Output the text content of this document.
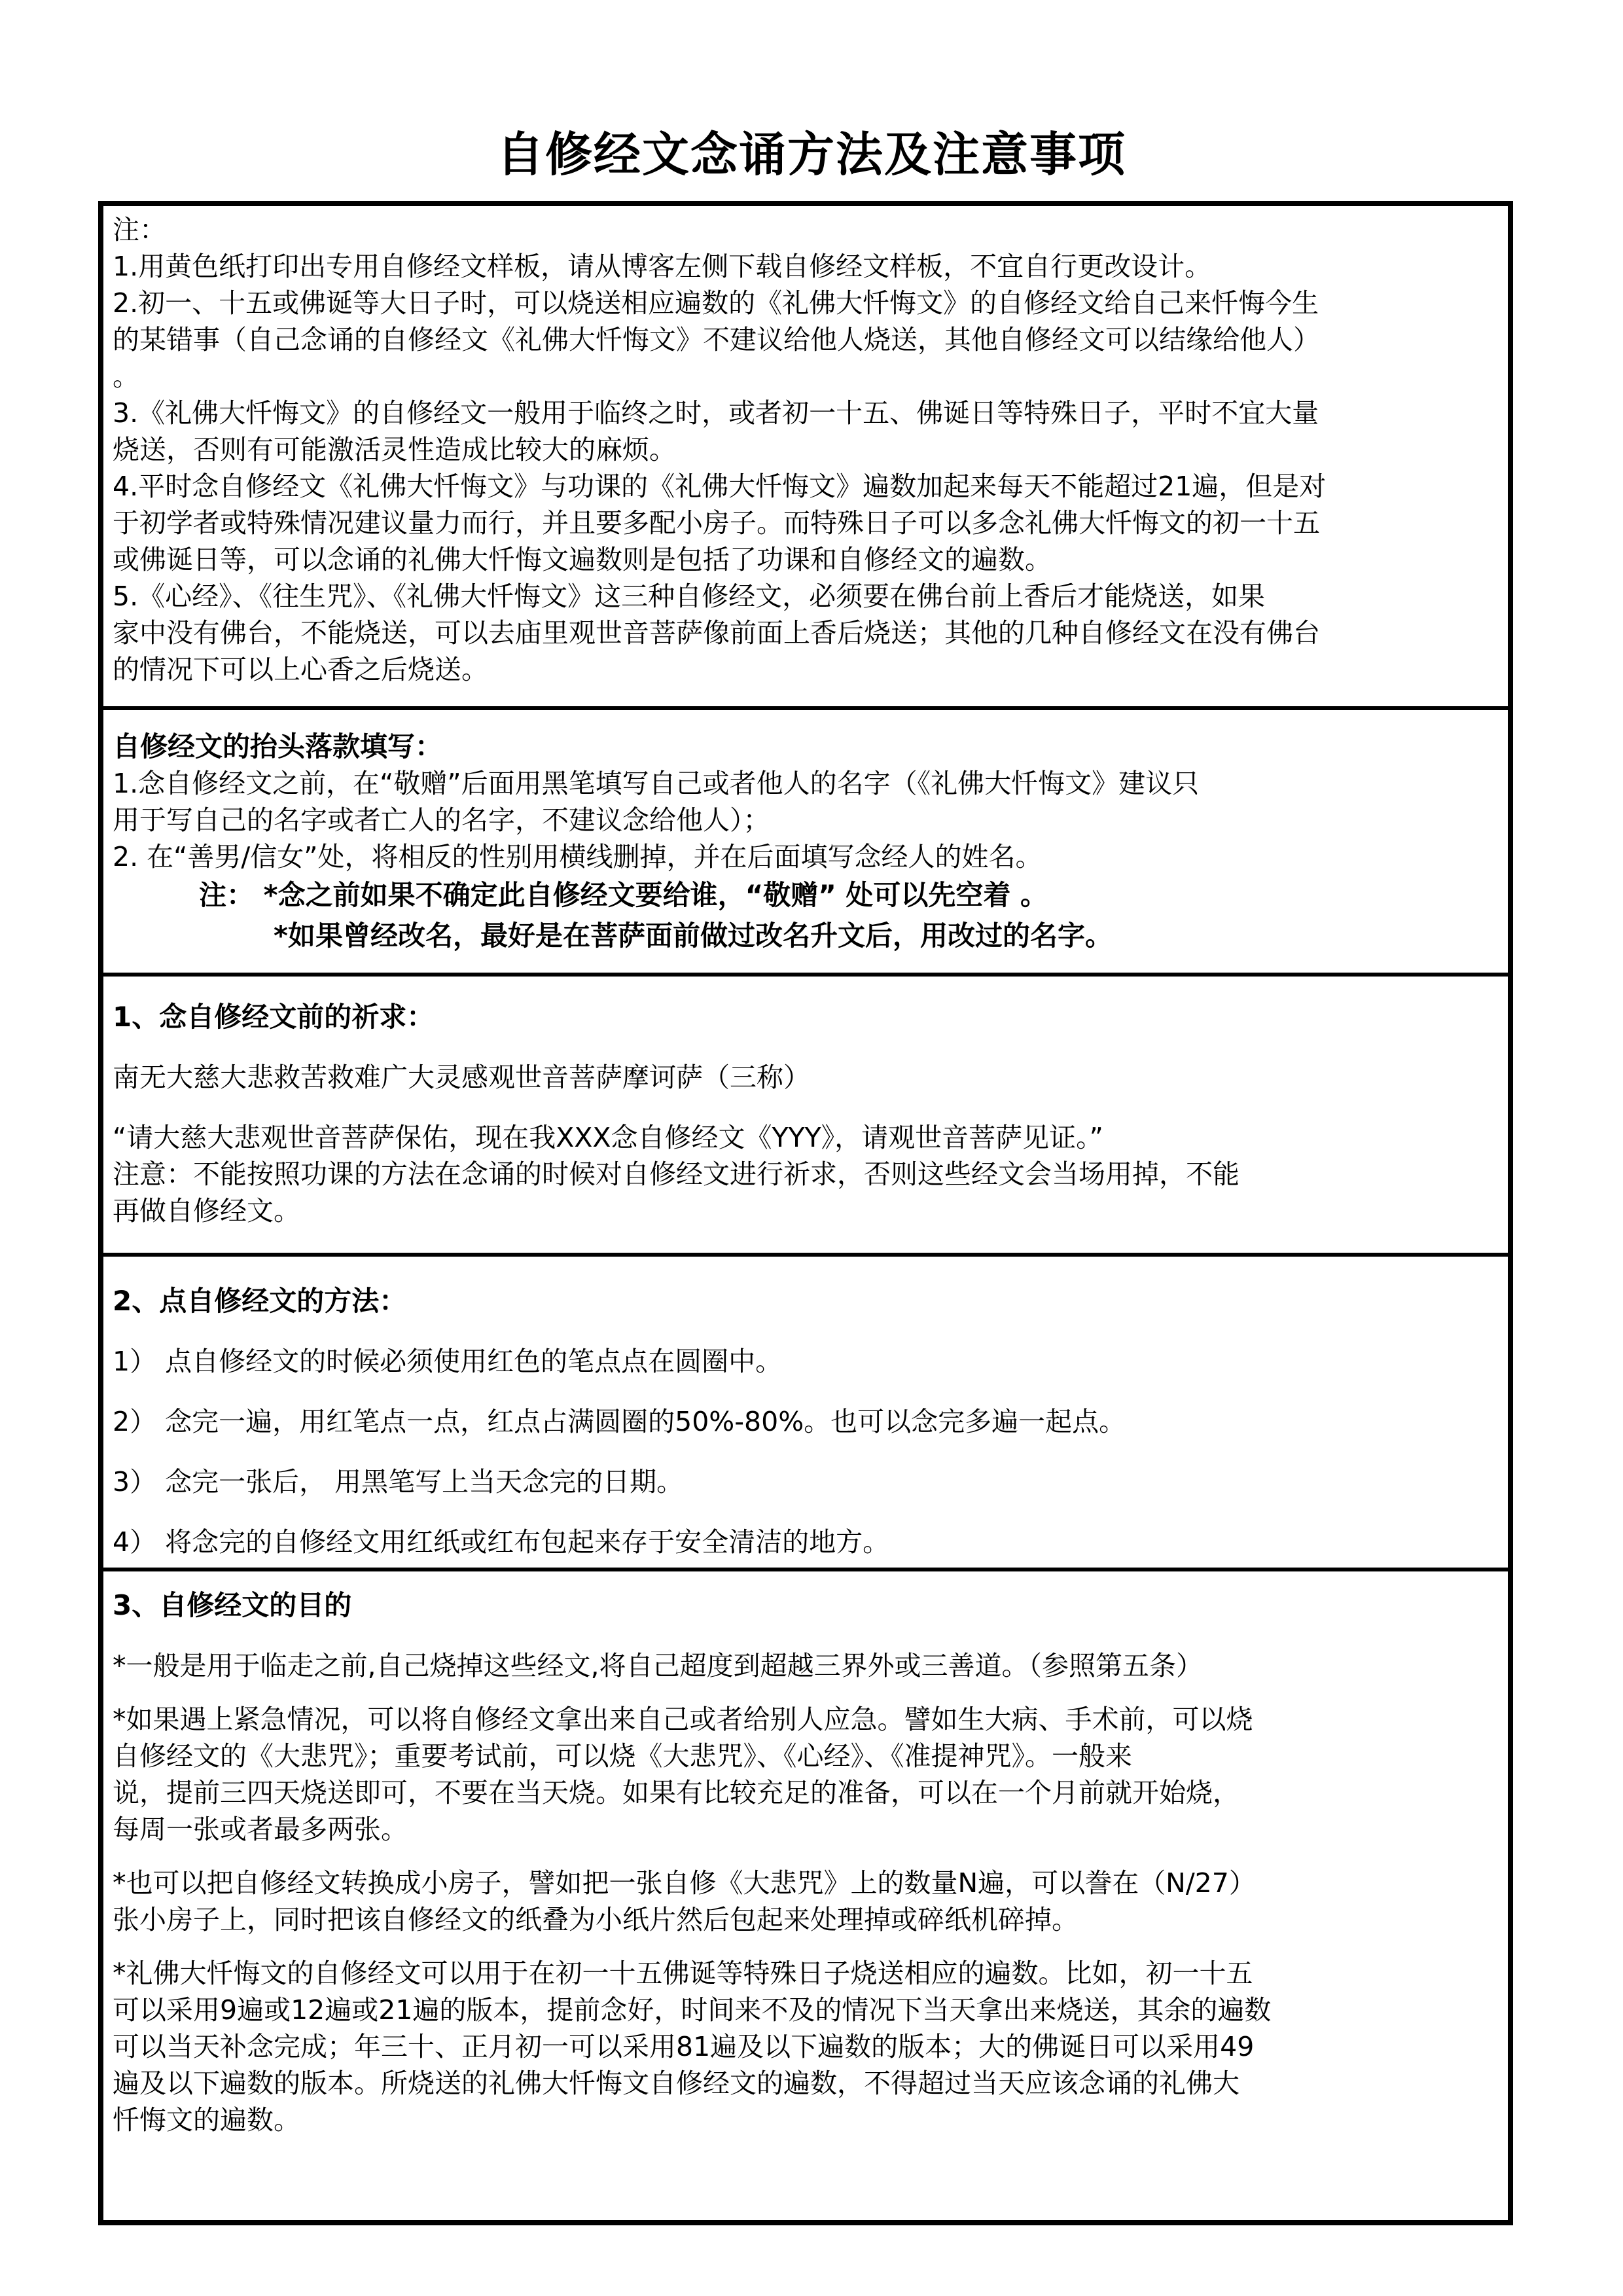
自修经文念诵方法及注意事项
注：
1.用黄色纸打印出专用自修经文样板，请从博客左侧下载自修经文样板，不宜自行更改设计。
2.初一、十五或佛诞等大日子时，可以烧送相应遍数的《礼佛大忏悔文》的自修经文给自己来忏悔今生
的某错事（自己念诵的自修经文《礼佛大忏悔文》不建议给他人烧送，其他自修经文可以结缘给他人）
。
3.《礼佛大忏悔文》的自修经文一般用于临终之时，或者初一十五、佛诞日等特殊日子，平时不宜大量
烧送，否则有可能激活灵性造成比较大的麻烦。
4.平时念自修经文《礼佛大忏悔文》与功课的《礼佛大忏悔文》遍数加起来每天不能超过21遍，但是对
于初学者或特殊情况建议量力而行，并且要多配小房子。而特殊日子可以多念礼佛大忏悔文的初一十五
或佛诞日等，可以念诵的礼佛大忏悔文遍数则是包括了功课和自修经文的遍数。
5.《心经》、《往生咒》、《礼佛大忏悔文》这三种自修经文，必须要在佛台前上香后才能烧送，如果
家中没有佛台，不能烧送，可以去庙里观世音菩萨像前面上香后烧送；其他的几种自修经文在没有佛台
的情况下可以上心香之后烧送。
自修经文的抬头落款填写：
1.念自修经文之前，在“敬赠”后面用黑笔填写自己或者他人的名字（《礼佛大忏悔文》建议只
用于写自己的名字或者亡人的名字，不建议念给他人）；
2. 在“善男/信女”处，将相反的性别用横线删掉，并在后面填写念经人的姓名。
注： *念之前如果不确定此自修经文要给谁，“敬赠” 处可以先空着 。
*如果曾经改名，最好是在菩萨面前做过改名升文后，用改过的名字。
1、念自修经文前的祈求：
南无大慈大悲救苦救难广大灵感观世音菩萨摩诃萨（三称）
“请大慈大悲观世音菩萨保佑，现在我XXX念自修经文《YYY》，请观世音菩萨见证。”
注意：不能按照功课的方法在念诵的时候对自修经文进行祈求，否则这些经文会当场用掉，不能
再做自修经文。
2、点自修经文的方法：
1） 点自修经文的时候必须使用红色的笔点点在圆圈中。
2） 念完一遍，用红笔点一点，红点占满圆圈的50%-80%。也可以念完多遍一起点。
3） 念完一张后， 用黑笔写上当天念完的日期。
4） 将念完的自修经文用红纸或红布包起来存于安全清洁的地方。
3、自修经文的目的
*一般是用于临走之前,自己烧掉这些经文,将自己超度到超越三界外或三善道。（参照第五条）
*如果遇上紧急情况，可以将自修经文拿出来自己或者给别人应急。譬如生大病、手术前，可以烧
自修经文的《大悲咒》；重要考试前，可以烧《大悲咒》、《心经》、《准提神咒》。一般来
说，提前三四天烧送即可，不要在当天烧。如果有比较充足的准备，可以在一个月前就开始烧，
每周一张或者最多两张。
*也可以把自修经文转换成小房子，譬如把一张自修《大悲咒》上的数量N遍，可以誊在（N/27）
张小房子上，同时把该自修经文的纸叠为小纸片然后包起来处理掉或碎纸机碎掉。
*礼佛大忏悔文的自修经文可以用于在初一十五佛诞等特殊日子烧送相应的遍数。比如，初一十五
可以采用9遍或12遍或21遍的版本，提前念好，时间来不及的情况下当天拿出来烧送，其余的遍数
可以当天补念完成；年三十、正月初一可以采用81遍及以下遍数的版本；大的佛诞日可以采用49
遍及以下遍数的版本。所烧送的礼佛大忏悔文自修经文的遍数，不得超过当天应该念诵的礼佛大
忏悔文的遍数。
